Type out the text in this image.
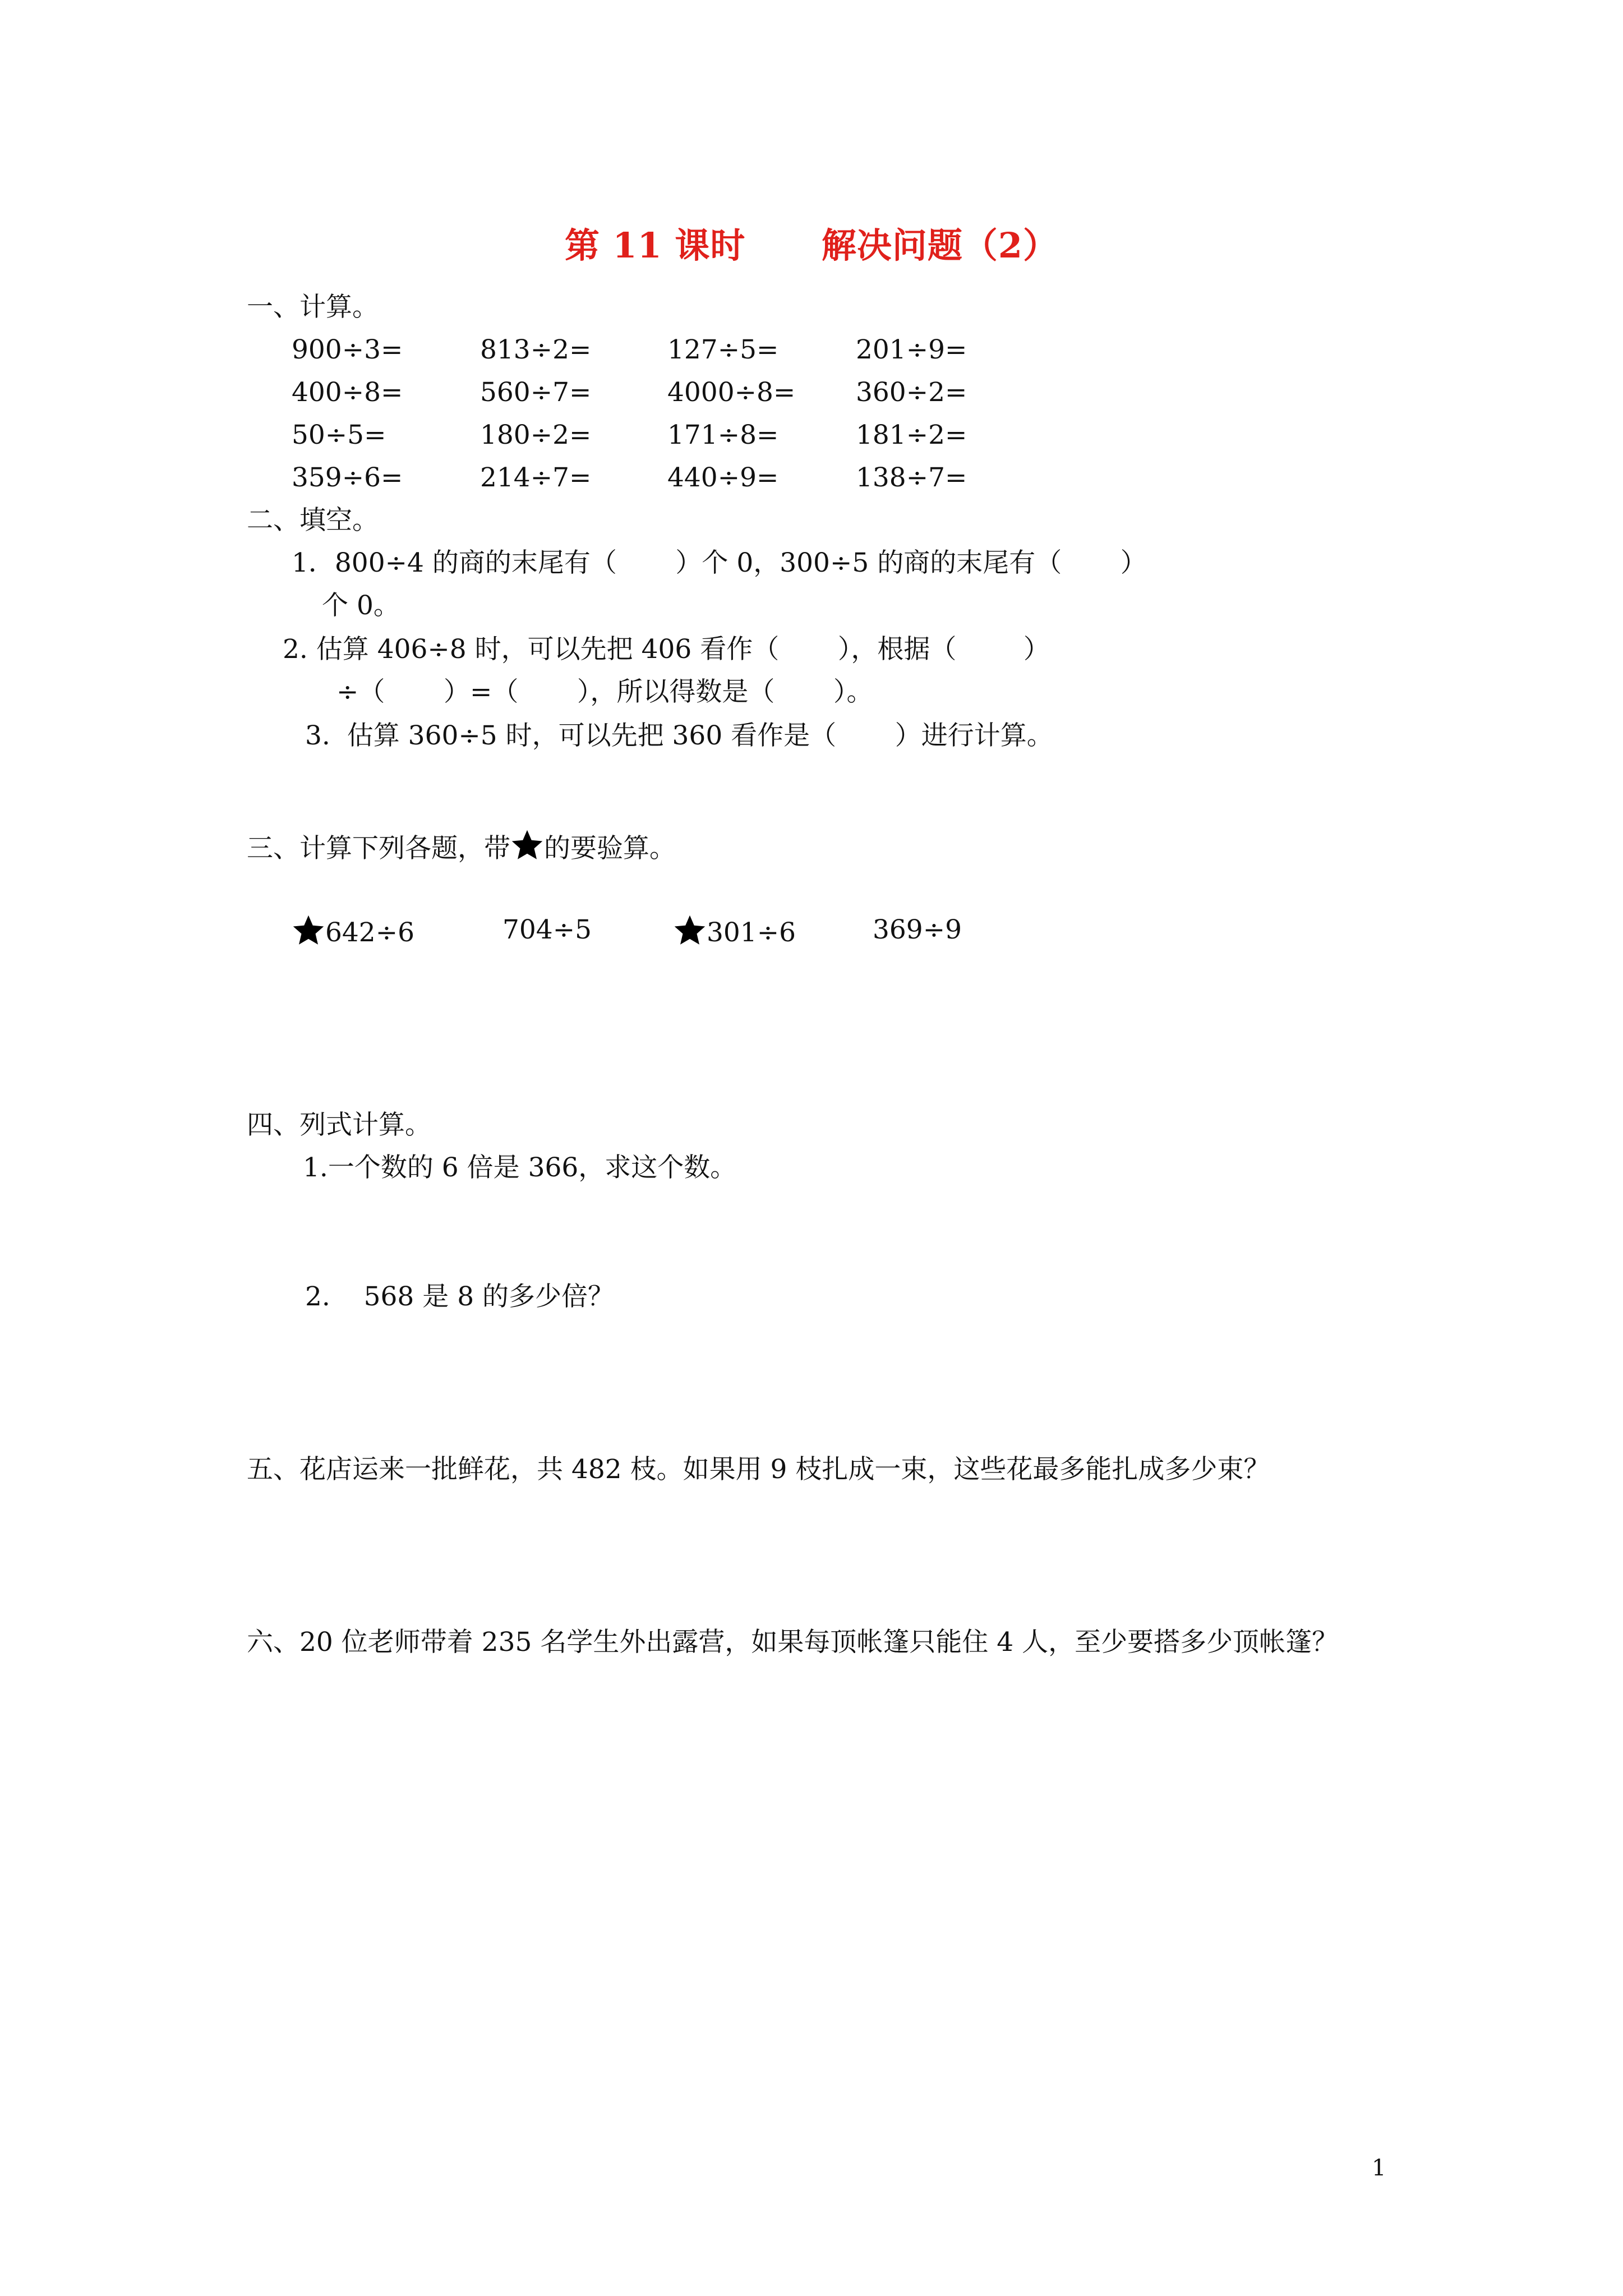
第 11 课时      解决问题（2）
一、计算。
900÷3=	813÷2=	127÷5=	201÷9=
400÷8=	560÷7=	4000÷8= 360÷2=
50÷5=	180÷2=	171÷8=	181÷2=
359÷6=	214÷7=	440÷9=	138÷7=
二、填空。
1．800÷4 的商的末尾有（       ）个 0，300÷5 的商的末尾有（       ）
个 0。
2. 估算 406÷8 时，可以先把 406 看作（       ），根据（        ）
÷（       ）=（       ），所以得数是（       ）。
3.  估算 360÷5 时，可以先把 360 看作是（       ）进行计算。
三、计算下列各题，带 的要验算。
642÷6	704÷5	301÷6	369÷9
四、列式计算。
1.一个数的 6 倍是 366，求这个数。
2.    568 是 8 的多少倍？
五、花店运来一批鲜花，共 482 枝。如果用 9 枝扎成一束，这些花最多能扎成多少束？
六、20 位老师带着 235 名学生外出露营，如果每顶帐篷只能住 4 人，至少要搭多少顶帐篷？
1
